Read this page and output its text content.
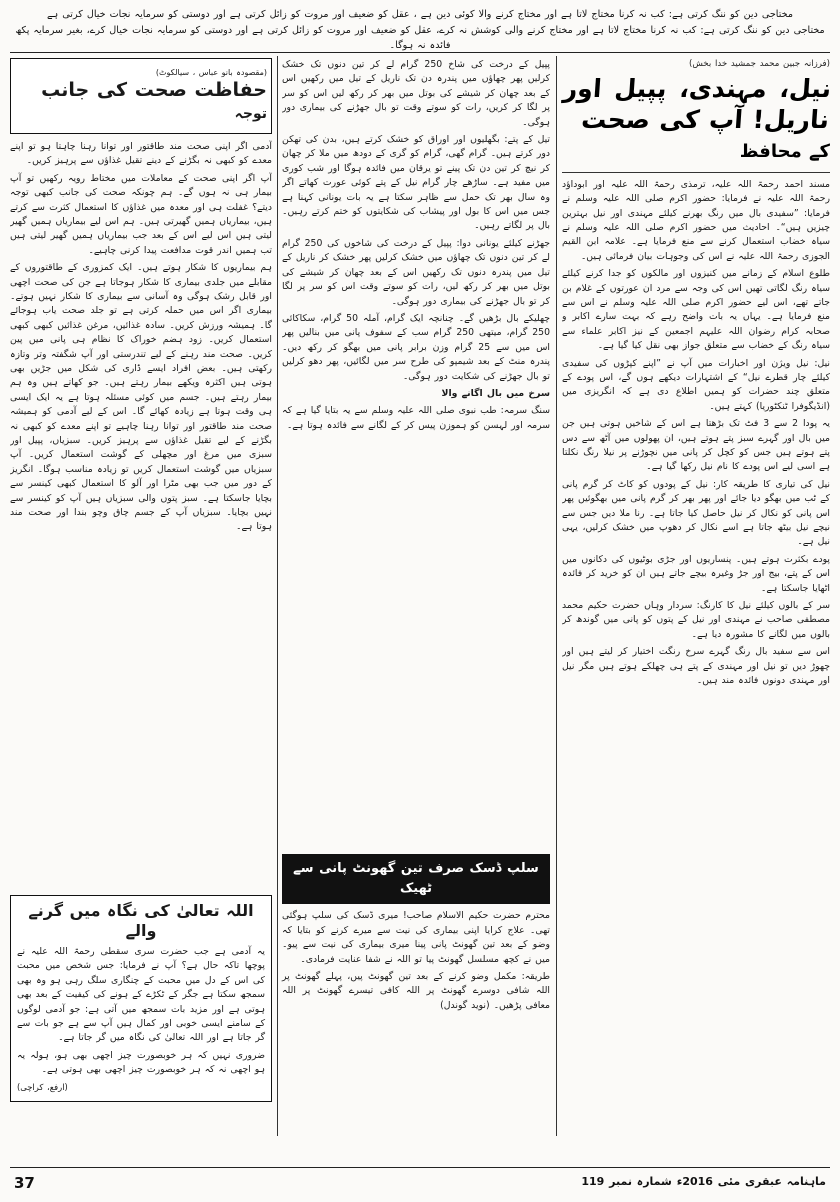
مختاجی دین کو ننگ کرتی ہے: کب نہ کرنا مختاج لاتا ہے اور مختاج کرنے والا کوئی دین ہے ، عقل کو ضعیف اور مروت کو زائل کرتی ہے اور دوستی کو سرمایہ نجات خیال کرتی ہے
مختاجی دین کو ننگ کرتی ہے: کب نہ کرنا مختاج لاتا ہے اور مختاج کرنے والی کوشش نہ کرے، عقل کو ضعیف اور مروت کو زائل کرتی ہے اور دوستی کو سرمایہ نجات خیال کرے، بغیر سرمایہ پکھ فائدہ نہ ہوگا۔
(فرزانہ جبین محمد جمشید خدا بخش)
نیل، مہندی، پپیل اور ناریل! آپ کی صحت
کے محافظ

مسند احمد رحمۃ اللہ علیہ، ترمذی رحمۃ اللہ علیہ اور ابوداؤد رحمۃ اللہ علیہ نے فرمایا: حضور اکرم صلی اللہ علیہ وسلم نے فرمایا: ”سفیدی بال میں رنگ بھرنے کیلئے مہندی اور نیل بہترین چیزیں ہیں“۔ احادیث میں حضور اکرم صلی اللہ علیہ وسلم نے سیاہ خضاب استعمال کرنے سے منع فرمایا ہے۔ علامہ ابن القیم الجوزی رحمۃ اللہ علیہ نے اس کی وجوہات بیان فرمائی ہیں۔

طلوع اسلام کے زمانے میں کنیزوں اور مالکوں کو جدا کرنے کیلئے سیاہ رنگ لگاتی تھیں اس کی وجہ سے مرد ان عورتوں کے غلام بن جاتے تھے، اس لیے حضور اکرم صلی اللہ علیہ وسلم نے اس سے منع فرمایا ہے۔ یہاں یہ بات واضح رہے کہ بہت سارے اکابر و صحابہ کرام رضوان اللہ علیہم اجمعین کے نیز اکابر علماء سے سیاہ رنگ کے خضاب سے متعلق جواز بھی نقل کیا گیا ہے۔

نیل: نیل ویژن اور اخبارات میں آپ نے ”اپنے کپڑوں کی سفیدی کیلئے چار قطرے نیل“ کے اشتہارات دیکھے ہوں گے، اس پودے کے متعلق چند حضرات کو ہمیں اطلاع دی ہے کہ انگریزی میں (انڈیگوفرا ٹنکٹوریا) کہتے ہیں۔

یہ پودا 2 سے 3 فٹ تک بڑھتا ہے اس کے شاخیں ہوتی ہیں جن میں بال اور گہرے سبز پتے ہوتے ہیں، ان پھولوں میں آٹھ سے دس پتے ہوتے ہیں جس کو کچل کر پانی میں نچوڑنے پر نیلا رنگ نکلتا ہے اسی لیے اس پودے کا نام نیل رکھا گیا ہے۔

نیل کی تیاری کا طریقہ کار: نیل کے پودوں کو کاٹ کر گرم پانی کے ٹب میں بھگو دیا جائے اور پھر بھر کر گرم پانی میں بھگوئیں پھر اس پانی کو نکال کر نیل حاصل کیا جاتا ہے۔ رنا ملا دیں جس سے نیچے نیل بیٹھ جاتا ہے اسے نکال کر دھوپ میں خشک کرلیں، یہی نیل ہے۔

پودے بکثرت ہوتے ہیں۔ پنساریوں اور جڑی بوٹیوں کی دکانوں میں اس کے پتے، بیج اور جڑ وغیرہ بیچے جاتے ہیں ان کو خرید کر فائدہ اٹھایا جاسکتا ہے۔

سر کے بالوں کیلئے نیل کا کارنگ: سردار وہاں حضرت حکیم محمد مصطفی صاحب نے مہندی اور نیل کے پتوں کو پانی میں گوندھ کر بالوں میں لگانے کا مشورہ دیا ہے۔

اس سے سفید بال رنگ گہرے سرخ رنگت اختیار کر لیتے ہیں اور چھوڑ دیں تو نیل اور مہندی کے پتے ہی چھلکے ہوتے ہیں مگر نیل اور مہندی دونوں فائدہ مند ہیں۔

پپیل کے درخت کی شاخ 250 گرام لے کر تین دنوں تک خشک کرلیں پھر چھاؤں میں پندرہ دن تک ناریل کے تیل میں رکھیں اس کے بعد چھان کر شیشے کی بوتل میں بھر کر رکھ لیں اس کو سر پر لگا کر کریں، رات کو سوتے وقت تو بال جھڑنے کی بیماری دور ہوگی۔

تیل کے پتے: بگھلیوں اور اوراق کو خشک کرتے ہیں، بدن کی تھکن دور کرتے ہیں۔ گرام گھی، گرام کو گری کے دودھ میں ملا کر چھان کر نیچ کر تین دن تک پینے تو یرقان میں فائدہ ہوگا اور شب کوری میں مفید ہے۔ ساڑھے چار گرام نیل کے پتے کوئی عورت کھاتے اگر وہ سال بھر تک حمل سے ظاہر سکتا ہے یہ بات یونانی کہنا ہے جس میں اس کا بول اور پیشاب کی شکایتوں کو ختم کرتے رہیں۔ بال پر لگاتے رہیں۔

جھڑنے کیلئے یونانی دوا: پپیل کے درخت کی شاخوں کی 250 گرام لے کر تین دنوں تک چھاؤں میں خشک کرلیں پھر خشک کر ناریل کے تیل میں پندرہ دنوں تک رکھیں اس کے بعد چھان کر شیشے کی بوتل میں بھر کر رکھ لیں، رات کو سوتے وقت اس کو سر پر لگا کر تو بال جھڑنے کی بیماری دور ہوگی۔

چھلیکے بال بڑھیں گے۔ چنانچہ ایک گرام، آملہ 50 گرام، سکاکائی 250 گرام، میتھی 250 گرام سب کے سفوف پانی میں بنالیں پھر اس میں سے 25 گرام وزن برابر پانی میں بھگو کر رکھ دیں۔ پندرہ منٹ کے بعد شیمپو کی طرح سر میں لگائیں، پھر دھو کرلیں تو بال جھڑنے کی شکایت دور ہوگی۔

سرخ میں بال اگانے والا

سنگ سرمہ: طب نبوی صلی اللہ علیہ وسلم سے یہ بتایا گیا ہے کہ سرمہ اور لہسن کو ہموزن پیس کر کے لگانے سے فائدہ ہوتا ہے۔

سلپ ڈسک صرف تین گھونٹ پانی سے ٹھیک

محترم حضرت حکیم الاسلام صاحب! میری ڈسک کی سلپ ہوگئی تھی۔ علاج کرایا اپنی بیماری کی نیت سے میرے کرنے کو بتایا کہ وضو کے بعد تین گھونٹ پانی پینا میری بیماری کی نیت سے پیو۔ میں نے کچھ مسلسل گھونٹ پیا تو اللہ نے شفا عنایت فرمادی۔

طریقہ: مکمل وضو کرنے کے بعد تین گھونٹ پیں، پہلے گھونٹ پر اللہ شافی دوسرے گھونٹ پر اللہ کافی تیسرے گھونٹ پر اللہ معافی پڑھیں۔ (نوید گوندل)

(مقصودہ بانو عباس ، سیالکوٹ)
حفاظت صحت کی جانب
توجہ

آدمی اگر اپنی صحت مند طاقتور اور توانا رہنا چاہتا ہو تو اپنے معدے کو کبھی نہ بگڑنے کے دینے تقیل غذاؤں سے پرہیز کریں۔

آپ اگر اپنی صحت کے معاملات میں مختاط رویہ رکھیں تو آپ بیمار ہی نہ ہوں گے۔ ہم چونکہ صحت کی جانب کبھی توجہ دیتے؟ غفلت ہی اور معدہ میں غذاؤں کا استعمال کثرت سے کرتے ہیں، بیماریاں ہمیں گھیرتی ہیں۔ ہم اس لیے بیماریاں ہمیں گھیر لیتی ہیں اس لیے اس کے بعد جب بیماریاں ہمیں گھیر لیتی ہیں تب ہمیں اندر قوت مدافعت پیدا کرنی چاہیے۔

ہم بیماریوں کا شکار ہوتے ہیں۔ ایک کمزوری کے طاقتوروں کے مقابلے میں جلدی بیماری کا شکار ہوجاتا ہے جن کی صحت اچھی اور قابل رشک ہوگی وہ آسانی سے بیماری کا شکار نہیں ہوتے۔ بیماری اگر اس میں حملہ کرتی ہے تو جلد صحت یاب ہوجائے گا۔ ہمیشہ ورزش کریں۔ سادہ غذائیں، مرغن غذائیں کبھی کبھی استعمال کریں۔ زود ہضم خوراک کا نظام ہی پانی میں پین کریں۔ صحت مند رہنے کے لیے تندرستی اور آپ شگفتہ وتر وتازہ رکھتی ہیں۔ بعض افراد ایسے ڈاری کی شکل میں جڑیں بھی ہوتی ہیں اکثرہ ویکھے بیمار رہتے ہیں۔ جو کھاتے ہیں وہ ہم بیمار رہتے ہیں۔ جسم میں کوئی مسئلہ ہوتا ہے یہ ایک ایسی ہی وقت ہوتا ہے زیادہ کھائے گا۔ اس کے لیے آدمی کو ہمیشہ صحت مند طاقتور اور توانا رہنا چاہیے تو اپنے معدے کو کبھی نہ بگڑنے کے لیے تقیل غذاؤں سے پرہیز کریں۔ سبزیاں، پپیل اور سبزی میں مرغ اور مچھلی کے گوشت استعمال کریں۔ آپ سبزیاں میں گوشت استعمال کریں تو زیادہ مناسب ہوگا۔ انگریز کے دور میں جب بھی مٹرا اور آلو کا استعمال کبھی کینسر سے بچایا جاسکتا ہے۔ سبز پتوں والی سبزیاں ہیں آپ کو کینسر سے نہیں بچایا۔ سبزیاں آپ کے جسم چاق وچو بندا اور صحت مند ہوتا ہے۔

اللہ تعالیٰ کی نگاہ میں گرنے والے

یہ آدمی ہے جب حضرت سری سقطی رحمۃ اللہ علیہ نے پوچھا تاکہ حال ہے؟ آپ نے فرمایا: جس شخص میں محبت کی اس کے دل میں محبت کے چنگاری سلگ رہی ہو وہ بھی سمجھ سکتا ہے جگر کے ٹکڑے کے ہونے کی کیفیت کے بعد بھی ہوتی ہے اور مزید بات سمجھ میں آتی ہے: جو آدمی لوگوں کے سامنے ایسی خوبی اور کمال ہیں آپ سے ہے جو بات سے گر جاتا ہے اور اللہ تعالیٰ کی نگاہ میں گر جاتا ہے۔

ضروری نہیں کہ ہر خوبصورت چیز اچھی بھی ہو، ہولہ یہ ہو اچھی نہ کہ ہر خوبصورت چیز اچھی بھی ہوتی ہے۔

(ارفع، کراچی)
ماہنامہ عبقری مئی 2016ء شمارہ نمبر 119
37
